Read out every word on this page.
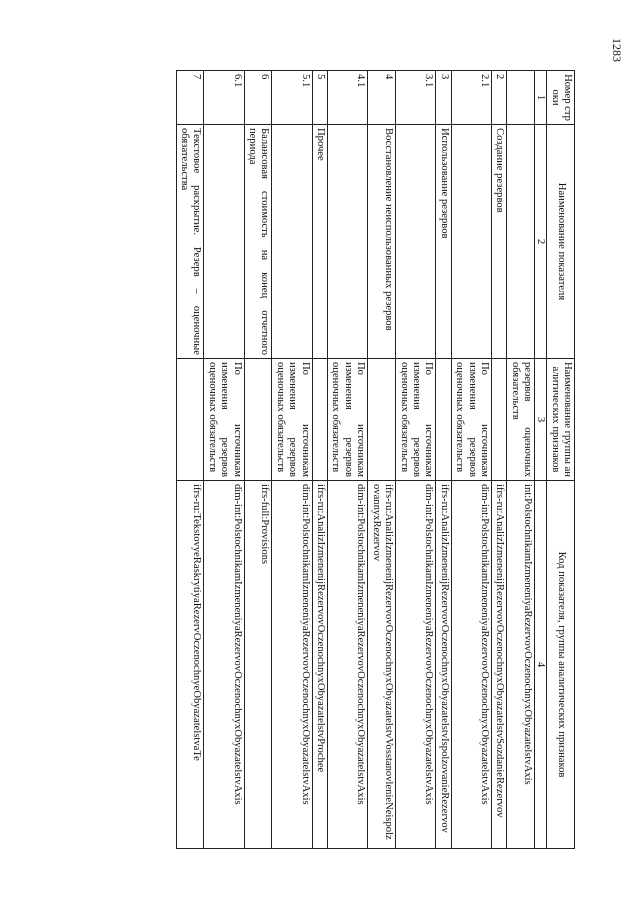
1283
Номер строки	Наименование показателя	Наименование группы аналитических признаков	Код показателя, группы аналитических признаков
1	2	3	4
		резервов оценочных обязательств	int:PolstochnikamIzmeneniyaRezervovOczenochnyxObyazatelstvAxis
2	Создание резервов		ifrs-ru:AnalizIzmenenijRezervovOczenochnyxObyazatelstvSozdanieRezervov
2.1		По источникам изменения резервов оценочных обязательств	dim-int:PolstochnikamIzmeneniyaRezervovOczenochnyxObyazatelstvAxis
3	Использование резервов		ifrs-ru:AnalizIzmenenijRezervovOczenochnyxObyazatelstvIspolzovanieRezervov
3.1		По источникам изменения резервов оценочных обязательств	dim-int:PolstochnikamIzmeneniyaRezervovOczenochnyxObyazatelstvAxis
4	Восстановление неиспользованных резервов		ifrs-ru:AnalizIzmenenijRezervovOczenochnyxObyazatelstvVosstanovlenieNeispolzovannyxRezervov
4.1		По источникам изменения резервов оценочных обязательств	dim-int:PolstochnikamIzmeneniyaRezervovOczenochnyxObyazatelstvAxis
5	Прочее		ifrs-ru:AnalizIzmenenijRezervovOczenochnyxObyazatelstvProchee
5.1		По источникам изменения резервов оценочных обязательств	dim-int:PolstochnikamIzmeneniyaRezervovOczenochnyxObyazatelstvAxis
6	Балансовая стоимость на конец отчетного периода		ifrs-full:Provisions
6.1		По источникам изменения резервов оценочных обязательств	dim-int:PolstochnikamIzmeneniyaRezervovOczenochnyxObyazatelstvAxis
7	Текстовое раскрытие. Резерв – оценочные обязательства		ifrs-ru:TekstovyeRaskrytiyaRezervOczenochnyeObyazatelstvaTe
